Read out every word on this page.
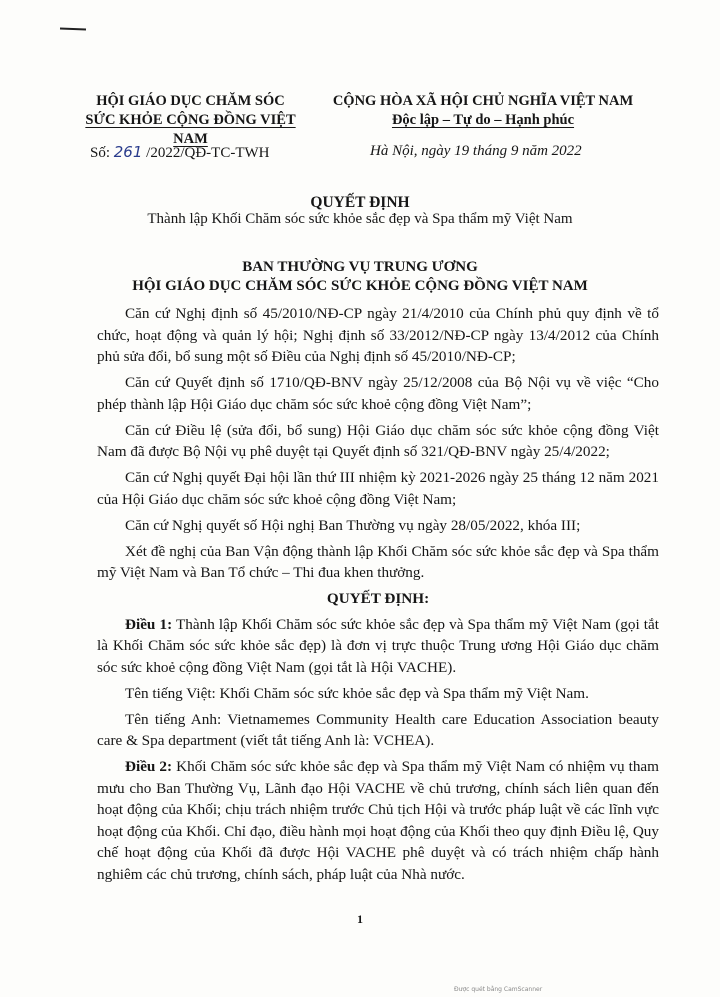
HỘI GIÁO DỤC CHĂM SÓC
SỨC KHỎE CỘNG ĐỒNG VIỆT NAM
CỘNG HÒA XÃ HỘI CHỦ NGHĨA VIỆT NAM
Độc lập – Tự do – Hạnh phúc
Số: 261 /2022/QĐ-TC-TWH	Hà Nội, ngày 19 tháng 9 năm 2022
QUYẾT ĐỊNH
Thành lập Khối Chăm sóc sức khỏe sắc đẹp và Spa thẩm mỹ Việt Nam
BAN THƯỜNG VỤ TRUNG ƯƠNG
HỘI GIÁO DỤC CHĂM SÓC SỨC KHỎE CỘNG ĐỒNG VIỆT NAM

Căn cứ Nghị định số 45/2010/NĐ-CP ngày 21/4/2010 của Chính phủ quy định về tổ chức, hoạt động và quản lý hội; Nghị định số 33/2012/NĐ-CP ngày 13/4/2012 của Chính phủ sửa đổi, bổ sung một số Điều của Nghị định số 45/2010/NĐ-CP;

Căn cứ Quyết định số 1710/QĐ-BNV ngày 25/12/2008 của Bộ Nội vụ về việc “Cho phép thành lập Hội Giáo dục chăm sóc sức khoẻ cộng đồng Việt Nam”;

Căn cứ Điều lệ (sửa đổi, bổ sung) Hội Giáo dục chăm sóc sức khỏe cộng đồng Việt Nam đã được Bộ Nội vụ phê duyệt tại Quyết định số 321/QĐ-BNV ngày 25/4/2022;

Căn cứ Nghị quyết Đại hội lần thứ III nhiệm kỳ 2021-2026 ngày 25 tháng 12 năm 2021 của Hội Giáo dục chăm sóc sức khoẻ cộng đồng Việt Nam;

Căn cứ Nghị quyết số Hội nghị Ban Thường vụ ngày 28/05/2022, khóa III;

Xét đề nghị của Ban Vận động thành lập Khối Chăm sóc sức khỏe sắc đẹp và Spa thẩm mỹ Việt Nam và Ban Tổ chức – Thi đua khen thưởng.

QUYẾT ĐỊNH:

Điều 1: Thành lập Khối Chăm sóc sức khỏe sắc đẹp và Spa thẩm mỹ Việt Nam (gọi tắt là Khối Chăm sóc sức khỏe sắc đẹp) là đơn vị trực thuộc Trung ương Hội Giáo dục chăm sóc sức khoẻ cộng đồng Việt Nam (gọi tắt là Hội VACHE).

Tên tiếng Việt: Khối Chăm sóc sức khỏe sắc đẹp và Spa thẩm mỹ Việt Nam.

Tên tiếng Anh: Vietnamemes Community Health care Education Association beauty care & Spa department (viết tắt tiếng Anh là: VCHEA).

Điều 2: Khối Chăm sóc sức khỏe sắc đẹp và Spa thẩm mỹ Việt Nam có nhiệm vụ tham mưu cho Ban Thường Vụ, Lãnh đạo Hội VACHE về chủ trương, chính sách liên quan đến hoạt động của Khối; chịu trách nhiệm trước Chủ tịch Hội và trước pháp luật về các lĩnh vực hoạt động của Khối. Chỉ đạo, điều hành mọi hoạt động của Khối theo quy định Điều lệ, Quy chế hoạt động của Khối đã được Hội VACHE phê duyệt và có trách nhiệm chấp hành nghiêm các chủ trương, chính sách, pháp luật của Nhà nước.

1
Được quét bằng CamScanner
